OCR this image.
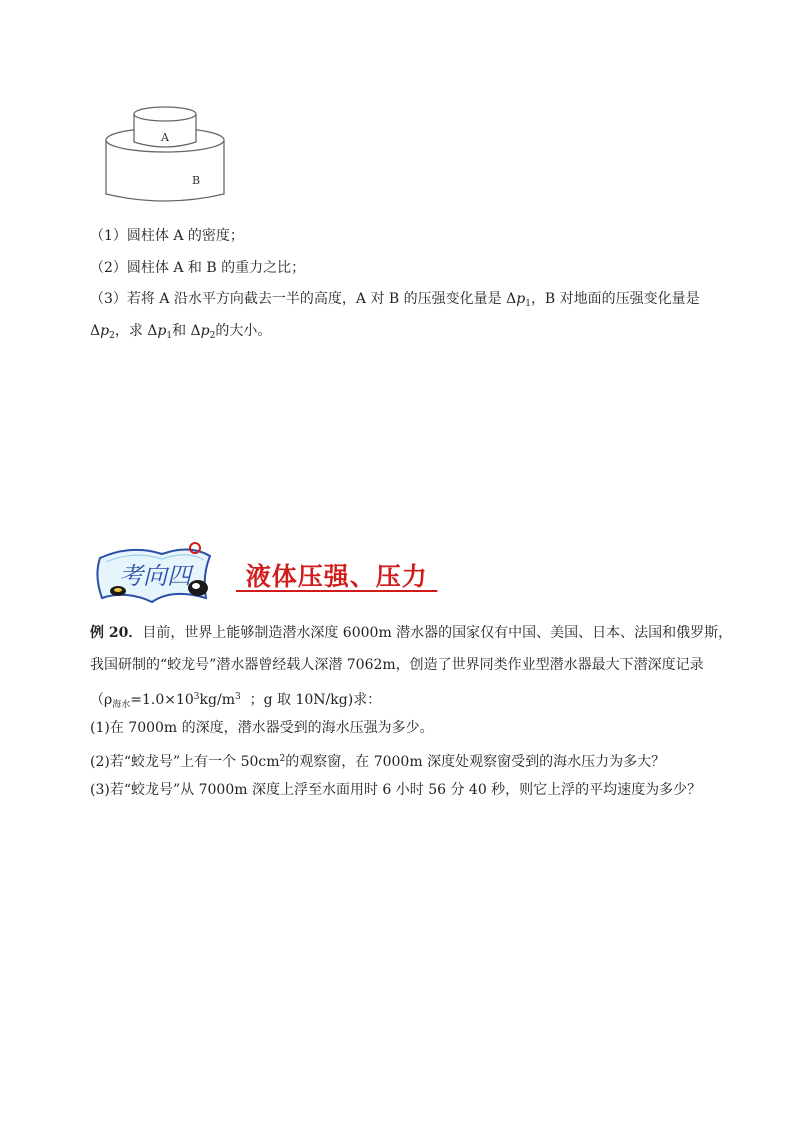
A
B
（1）圆柱体 A 的密度；
（2）圆柱体 A 和 B 的重力之比；
（3）若将 A 沿水平方向截去一半的高度，A 对 B 的压强变化量是 $\Delta p_1$，B 对地面的压强变化量是
$\Delta p_2$，求 $\Delta p_1$和 $\Delta p_2$的大小。
考向四 液体压强、压力
例 20．目前，世界上能够制造潜水深度 6000m 潜水器的国家仅有中国、美国、日本、法国和俄罗斯，
我国研制的“蛟龙号”潜水器曾经载人深潜 7062m，创造了世界同类作业型潜水器最大下潜深度记录
（$\rho_{海水}=1.0\times 10^3kg/m^3$ ；g 取 10N/kg)求：
(1)在 7000m 的深度，潜水器受到的海水压强为多少。
(2)若“蛟龙号”上有一个 $50cm^2$的观察窗，在 7000m 深度处观察窗受到的海水压力为多大？
(3)若“蛟龙号”从 7000m 深度上浮至水面用时 6 小时 56 分 40 秒，则它上浮的平均速度为多少？
